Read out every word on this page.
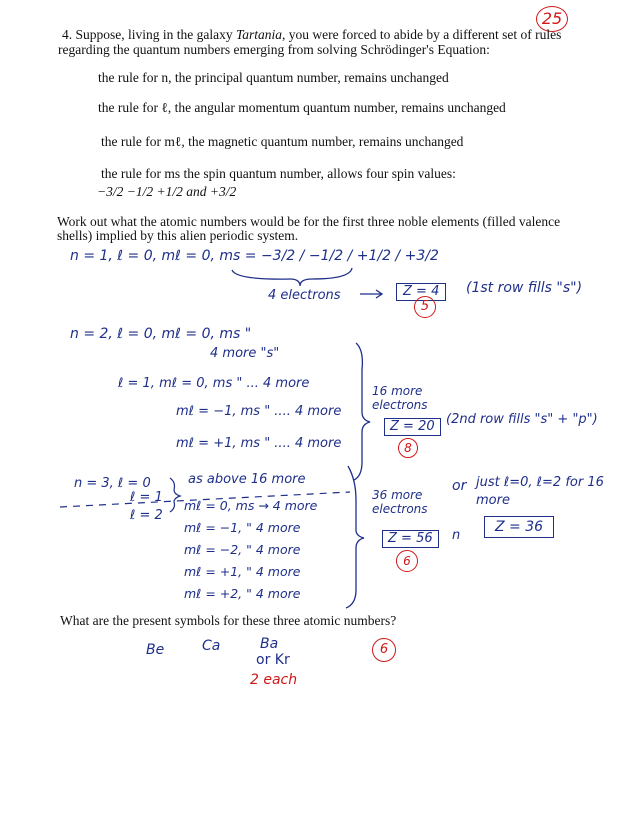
25
4. Suppose, living in the galaxy Tartania, you were forced to abide by a different set of rules
regarding the quantum numbers emerging from solving Schrödinger's Equation:
the rule for n, the principal quantum number, remains unchanged
the rule for ℓ, the angular momentum quantum number, remains unchanged
the rule for mℓ, the magnetic quantum number, remains unchanged
the rule for ms the spin quantum number, allows four spin values:
−3/2 −1/2 +1/2 and +3/2
Work out what the atomic numbers would be for the first three noble elements (filled valence
shells) implied by this alien periodic system.
n = 1, ℓ = 0, mℓ = 0, ms = −3/2 / −1/2 / +1/2 / +3/2
4 electrons	Z = 4
5
(1st row fills "s")
n = 2, ℓ = 0, mℓ = 0, ms "
4 more "s"
ℓ = 1, mℓ = 0, ms " ... 4 more
mℓ = −1, ms " .... 4 more
mℓ = +1, ms " .... 4 more
16 more electrons
Z = 20
8
(2nd row fills "s" + "p")
n = 3, ℓ = 0
ℓ = 1
ℓ = 2
as above 16 more
mℓ = 0, ms → 4 more
mℓ = −1, " 4 more
mℓ = −2, " 4 more
mℓ = +1, " 4 more
mℓ = +2, " 4 more
36 more electrons
Z = 56
6
or just ℓ=0, ℓ=2 for 16 more
n
Z = 36
What are the present symbols for these three atomic numbers?
Be	Ca	Ba
or Kr
2 each
6
